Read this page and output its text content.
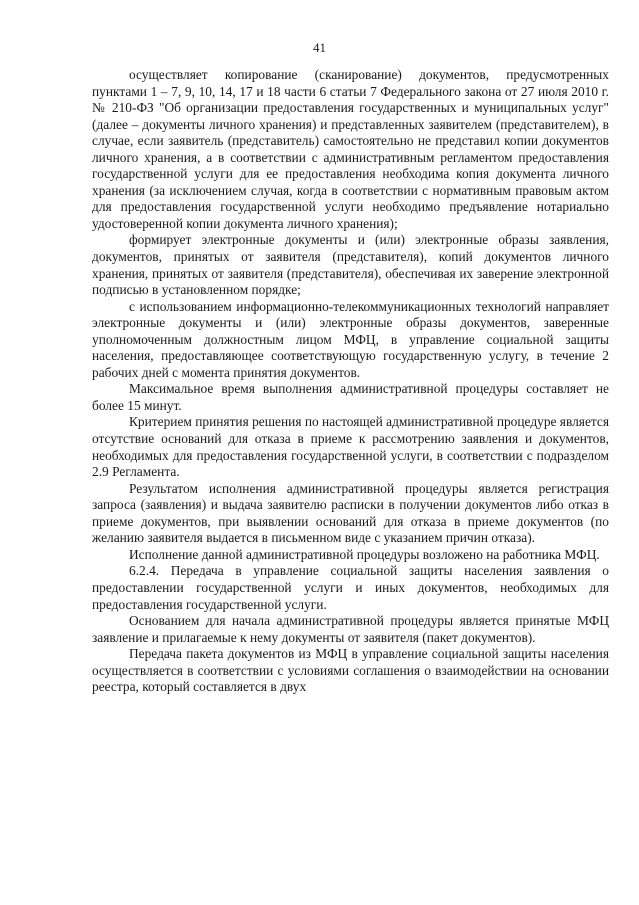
41

осуществляет копирование (сканирование) документов, предусмотренных пунктами 1 – 7, 9, 10, 14, 17 и 18 части 6 статьи 7 Федерального закона от 27 июля 2010 г. № 210-ФЗ "Об организации предоставления государственных и муниципальных услуг" (далее – документы личного хранения) и представленных заявителем (представителем), в случае, если заявитель (представитель) самостоятельно не представил копии документов личного хранения, а в соответствии с административным регламентом предоставления государственной услуги для ее предоставления необходима копия документа личного хранения (за исключением случая, когда в соответствии с нормативным правовым актом для предоставления государственной услуги необходимо предъявление нотариально удостоверенной копии документа личного хранения);

формирует электронные документы и (или) электронные образы заявления, документов, принятых от заявителя (представителя), копий документов личного хранения, принятых от заявителя (представителя), обеспечивая их заверение электронной подписью в установленном порядке;

с использованием информационно-телекоммуникационных технологий направляет электронные документы и (или) электронные образы документов, заверенные уполномоченным должностным лицом МФЦ, в управление социальной защиты населения, предоставляющее соответствующую государственную услугу, в течение 2 рабочих дней с момента принятия документов.

Максимальное время выполнения административной процедуры составляет не более 15 минут.

Критерием принятия решения по настоящей административной процедуре является отсутствие оснований для отказа в приеме к рассмотрению заявления и документов, необходимых для предоставления государственной услуги, в соответствии с подразделом 2.9 Регламента.

Результатом исполнения административной процедуры является регистрация запроса (заявления) и выдача заявителю расписки в получении документов либо отказ в приеме документов, при выявлении оснований для отказа в приеме документов (по желанию заявителя выдается в письменном виде с указанием причин отказа).

Исполнение данной административной процедуры возложено на работника МФЦ.

6.2.4. Передача в управление социальной защиты населения заявления о предоставлении государственной услуги и иных документов, необходимых для предоставления государственной услуги.

Основанием для начала административной процедуры является принятые МФЦ заявление и прилагаемые к нему документы от заявителя (пакет документов).

Передача пакета документов из МФЦ в управление социальной защиты населения осуществляется в соответствии с условиями соглашения о взаимодействии на основании реестра, который составляется в двух
